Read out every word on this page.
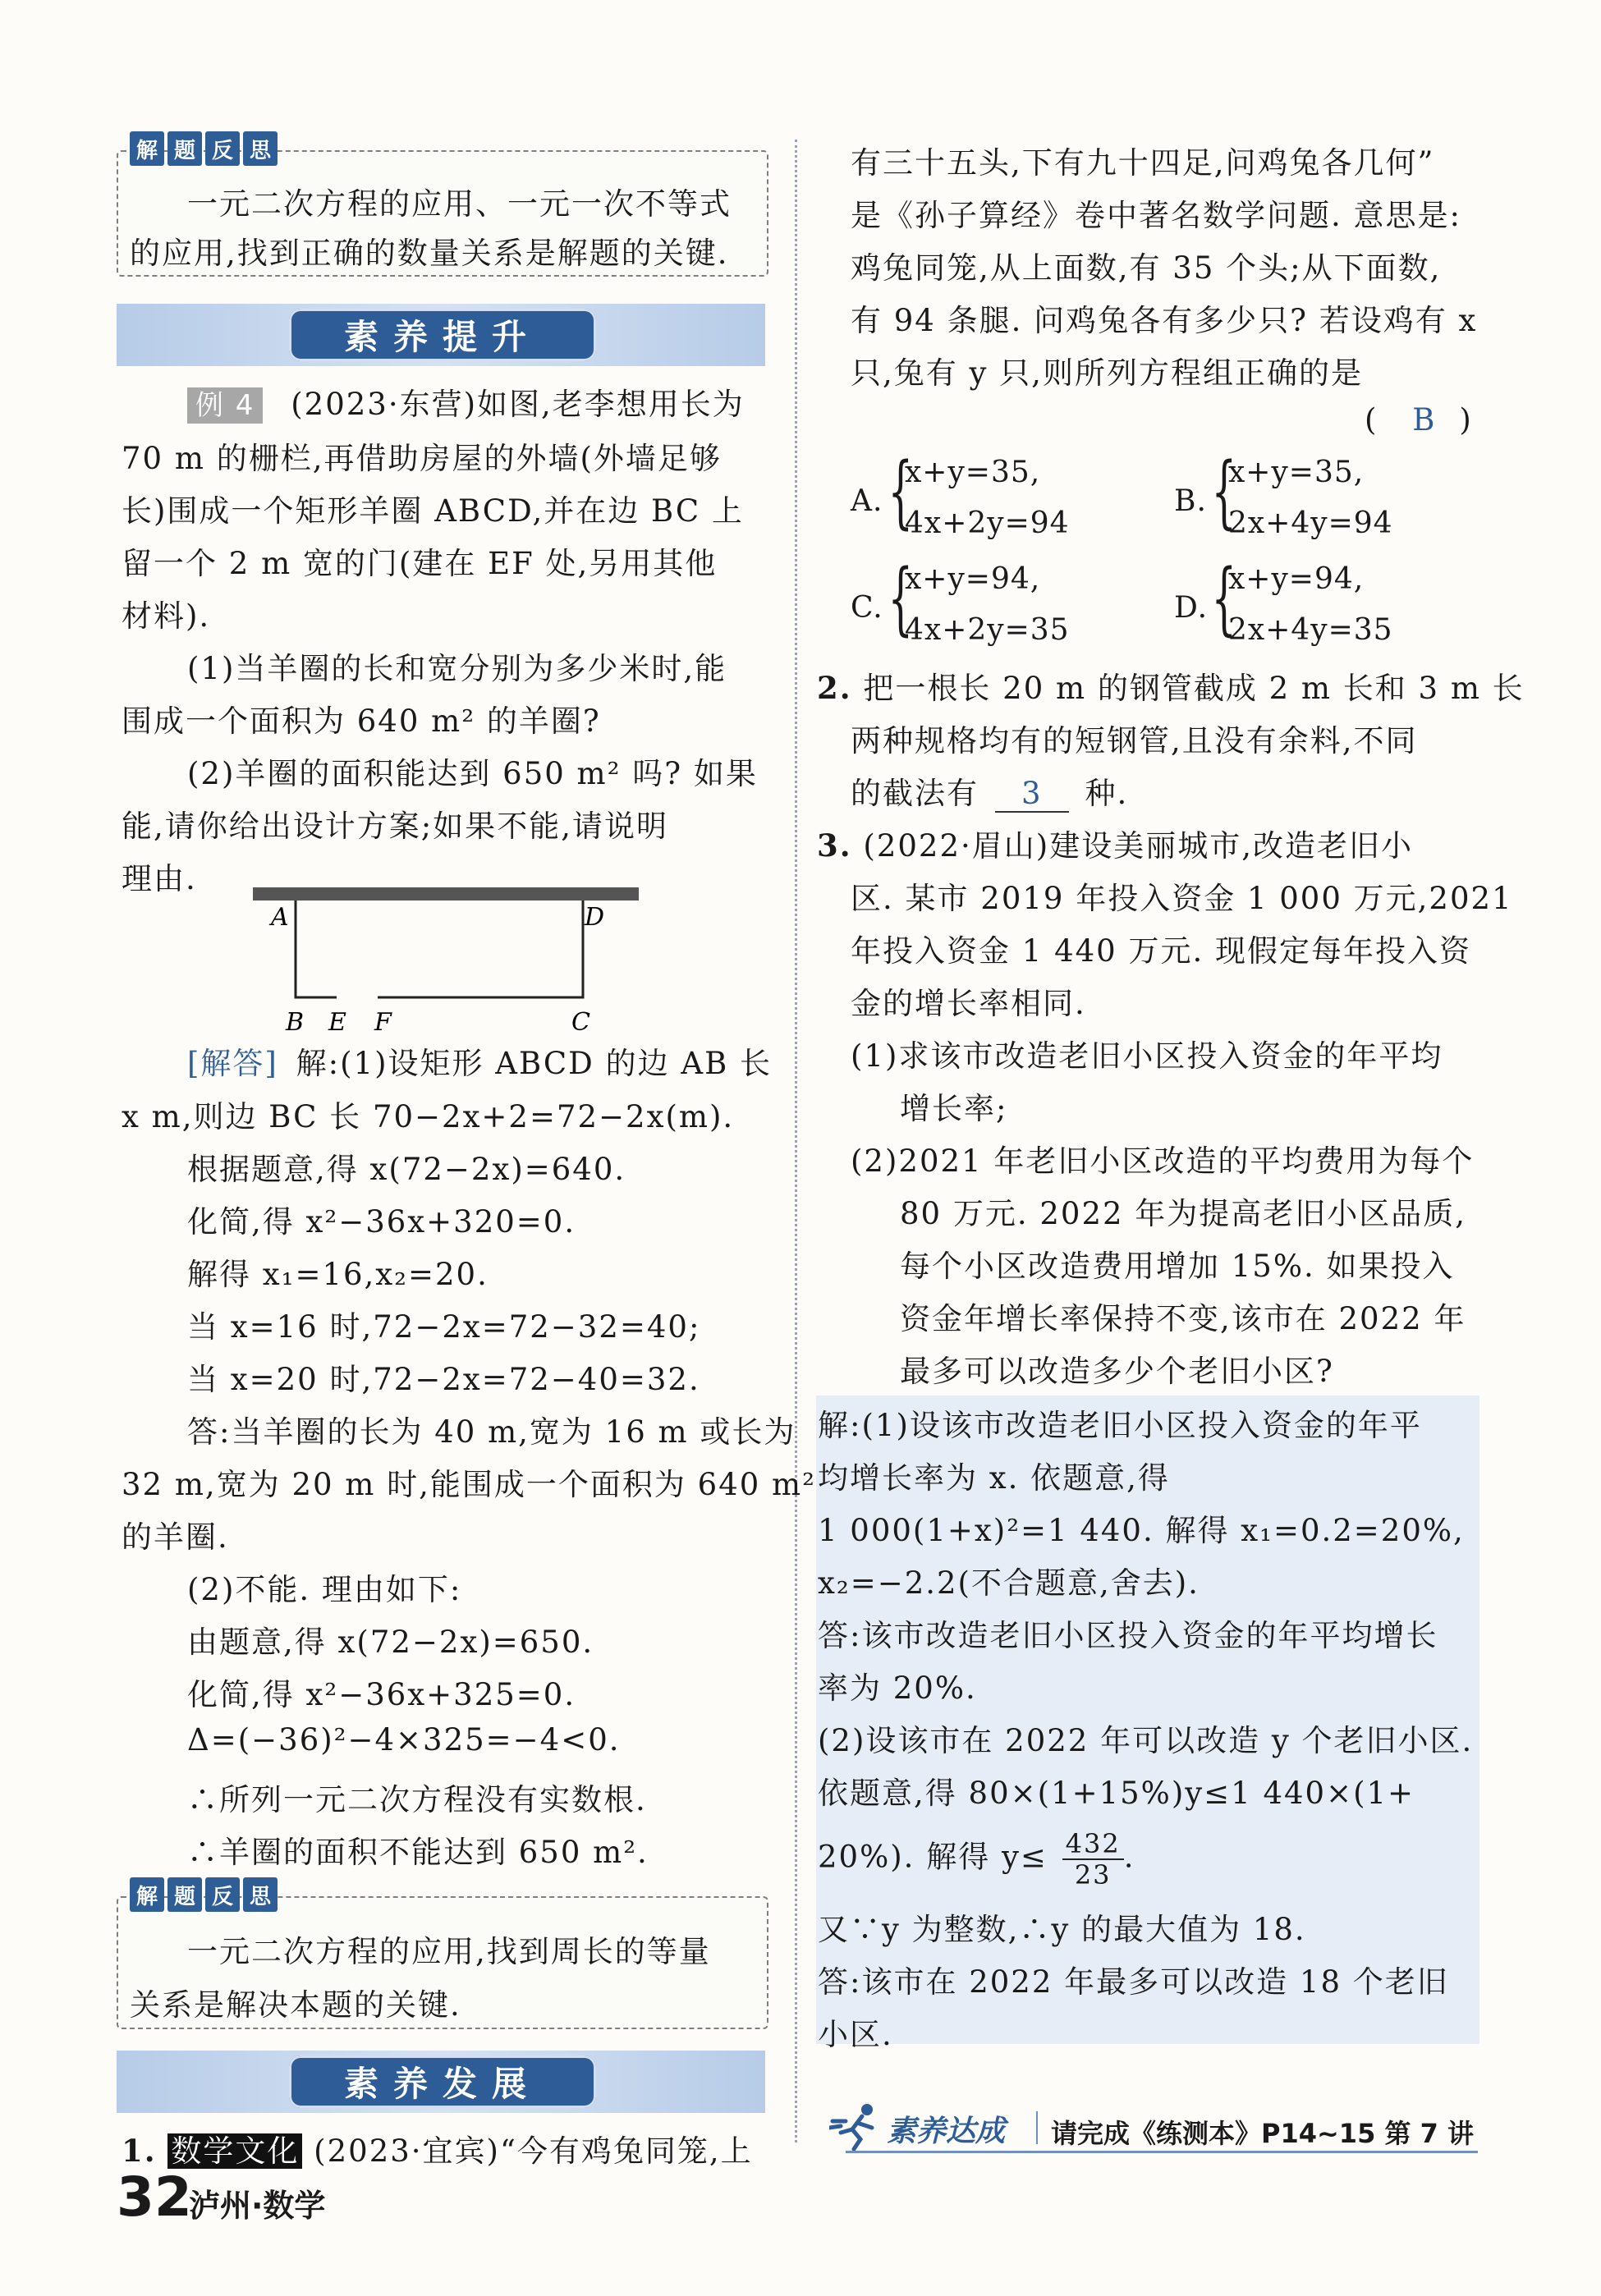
解 题 反 思
一元二次方程的应用、一元一次不等式
的应用,找到正确的数量关系是解题的关键.
素养提升
例 4 (2023·东营)如图,老李想用长为
70 m 的栅栏,再借助房屋的外墙(外墙足够
长)围成一个矩形羊圈 ABCD,并在边 BC 上
留一个 2 m 宽的门(建在 EF 处,另用其他
材料).
(1)当羊圈的长和宽分别为多少米时,能
围成一个面积为 640 m² 的羊圈?
(2)羊圈的面积能达到 650 m² 吗? 如果
能,请你给出设计方案;如果不能,请说明
理由.
A	D
B E F	C
[解答] 解:(1)设矩形 ABCD 的边 AB 长
x m,则边 BC 长 70−2x+2=72−2x(m).
根据题意,得 x(72−2x)=640.
化简,得 x²−36x+320=0.
解得 x₁=16,x₂=20.
当 x=16 时,72−2x=72−32=40;
当 x=20 时,72−2x=72−40=32.
答:当羊圈的长为 40 m,宽为 16 m 或长为
32 m,宽为 20 m 时,能围成一个面积为 640 m²
的羊圈.
(2)不能. 理由如下:
由题意,得 x(72−2x)=650.
化简,得 x²−36x+325=0.
Δ=(−36)²−4×325=−4<0.
∴所列一元二次方程没有实数根.
∴羊圈的面积不能达到 650 m².
解 题 反 思
一元二次方程的应用,找到周长的等量
关系是解决本题的关键.
素养发展
1. 数学文化 (2023·宜宾)“今有鸡兔同笼,上
32
泸州·数学
有三十五头,下有九十四足,问鸡兔各几何”
是《孙子算经》卷中著名数学问题. 意思是:
鸡兔同笼,从上面数,有 35 个头;从下面数,
有 94 条腿. 问鸡兔各有多少只? 若设鸡有 x
只,兔有 y 只,则所列方程组正确的是
( B )
A. {
x+y=35,
4x+2y=94
B. {
x+y=35,
2x+4y=94
C. {
x+y=94,
4x+2y=35
D. {
x+y=94,
2x+4y=35
2. 把一根长 20 m 的钢管截成 2 m 长和 3 m 长
两种规格均有的短钢管,且没有余料,不同
的截法有 3 种.
3. (2022·眉山)建设美丽城市,改造老旧小
区. 某市 2019 年投入资金 1 000 万元,2021
年投入资金 1 440 万元. 现假定每年投入资
金的增长率相同.
(1)求该市改造老旧小区投入资金的年平均
增长率;
(2)2021 年老旧小区改造的平均费用为每个
80 万元. 2022 年为提高老旧小区品质,
每个小区改造费用增加 15%. 如果投入
资金年增长率保持不变,该市在 2022 年
最多可以改造多少个老旧小区?
解:(1)设该市改造老旧小区投入资金的年平
均增长率为 x. 依题意,得
1 000(1+x)²=1 440. 解得 x₁=0.2=20%,
x₂=−2.2(不合题意,舍去).
答:该市改造老旧小区投入资金的年平均增长
率为 20%.
(2)设该市在 2022 年可以改造 y 个老旧小区.
依题意,得 80×(1+15%)y≤1 440×(1+
20%). 解得 $y\le \frac{432}{23}$ .
又∵y 为整数,∴y 的最大值为 18.
答:该市在 2022 年最多可以改造 18 个老旧
小区.
素养达成 请完成《练测本》P14~15 第 7 讲
